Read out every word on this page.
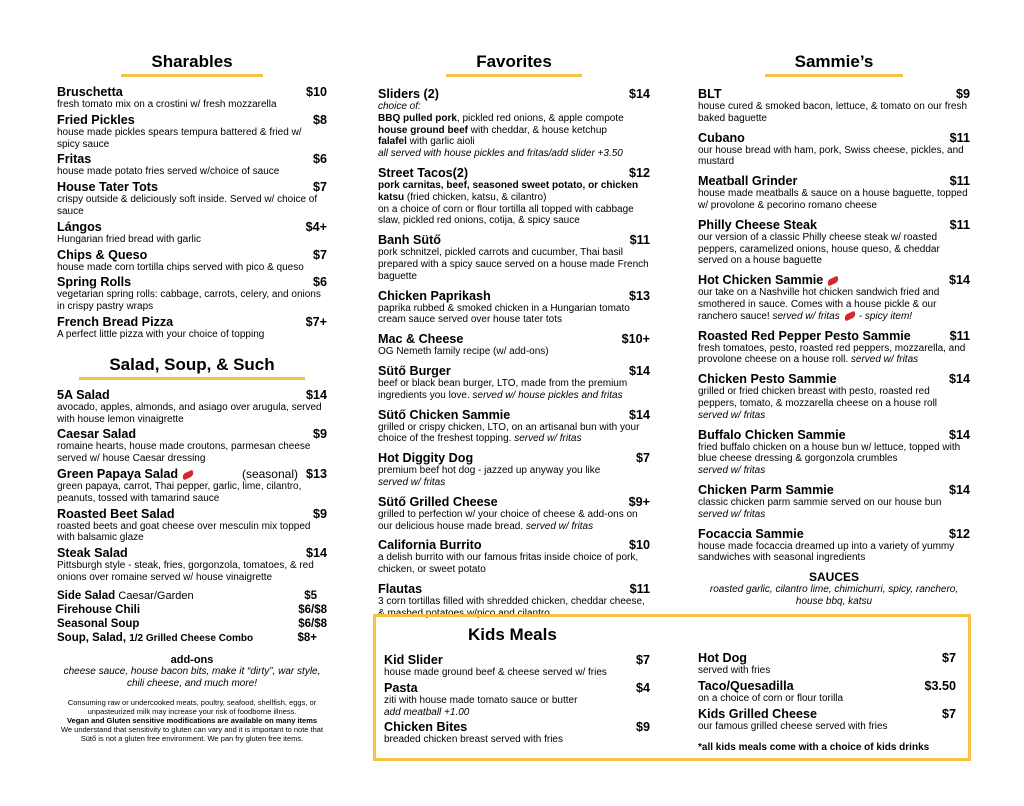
Sharables
Bruschetta	$10
fresh tomato mix on a crostini w/ fresh mozzarella
Fried Pickles	$8
house made pickles spears tempura battered & fried w/ spicy sauce
Fritas	$6
house made potato fries served w/choice of sauce
House Tater Tots	$7
crispy outside & deliciously soft inside. Served w/ choice of sauce
Lángos	$4+
Hungarian fried bread with garlic
Chips & Queso	$7
house made corn tortilla chips served with pico & queso
Spring Rolls	$6
vegetarian spring rolls: cabbage, carrots, celery, and onions in crispy pastry wraps
French Bread Pizza	$7+
A perfect little pizza with your choice of topping
Salad, Soup, & Such
5A Salad	$14
avocado, apples, almonds, and asiago over arugula, served with house lemon vinaigrette
Caesar Salad	$9
romaine hearts, house made croutons, parmesan cheese served w/ house Caesar dressing
Green Papaya Salad	(seasonal) $13
green papaya, carrot, Thai pepper, garlic, lime, cilantro, peanuts, tossed with tamarind sauce
Roasted Beet Salad	$9
roasted beets and goat cheese over mesculin mix topped with balsamic glaze
Steak Salad	$14
Pittsburgh style - steak, fries, gorgonzola, tomatoes, & red onions over romaine served w/ house vinaigrette
Side Salad Caesar/Garden	$5
Firehouse Chili	$6/$8
Seasonal Soup	$6/$8
Soup, Salad, 1/2 Grilled Cheese Combo	$8+
add-ons
cheese sauce, house bacon bits, make it “dirty”, war style, chili cheese, and much more!
Consuming raw or undercooked meats, poultry, seafood, shellfish, eggs, or unpasteurized milk may increase your risk of foodborne illness.
Vegan and Gluten sensitive modifications are available on many items
We understand that sensitivity to gluten can vary and it is important to note that Sütő is not a gluten free environment. We pan fry gluten free items.
Favorites
Sliders (2)	$14
choice of:
BBQ pulled pork, pickled red onions, & apple compote
house ground beef with cheddar, & house ketchup
falafel with garlic aioli
all served with house pickles and fritas/add slider +3.50
Street Tacos(2)	$12
pork carnitas, beef, seasoned sweet potato, or chicken katsu (fried chicken, katsu, & cilantro)
on a choice of corn or flour tortilla all topped with cabbage slaw, pickled red onions, cotija, & spicy sauce
Banh Sütő	$11
pork schnitzel, pickled carrots and cucumber, Thai basil prepared with a spicy sauce served on a house made French baguette
Chicken Paprikash	$13
paprika rubbed & smoked chicken in a Hungarian tomato cream sauce served over house tater tots
Mac & Cheese	$10+
OG Nemeth family recipe (w/ add-ons)
Sütő Burger	$14
beef or black bean burger, LTO, made from the premium ingredients you love. served w/ house pickles and fritas
Sütő Chicken Sammie	$14
grilled or crispy chicken, LTO, on an artisanal bun with your choice of the freshest topping. served w/ fritas
Hot Diggity Dog	$7
premium beef hot dog - jazzed up anyway you like
served w/ fritas
Sütő Grilled Cheese	$9+
grilled to perfection w/ your choice of cheese & add-ons on our delicious house made bread. served w/ fritas
California Burrito	$10
a delish burrito with our famous fritas inside choice of pork, chicken, or sweet potato
Flautas	$11
3 corn tortillas filled with shredded chicken, cheddar cheese, & mashed potatoes w/pico and cilantro
Sammie’s
BLT	$9
house cured & smoked bacon, lettuce, & tomato on our fresh baked baguette
Cubano	$11
our house bread with ham, pork, Swiss cheese, pickles, and mustard
Meatball Grinder	$11
house made meatballs & sauce on a house baguette, topped w/ provolone & pecorino romano cheese
Philly Cheese Steak	$11
our version of a classic Philly cheese steak w/ roasted peppers, caramelized onions, house queso, & cheddar served on a house baguette
Hot Chicken Sammie	$14
our take on a Nashville hot chicken sandwich fried and smothered in sauce. Comes with a house pickle & our ranchero sauce! served w/ fritas - spicy item!
Roasted Red Pepper Pesto Sammie	$11
fresh tomatoes, pesto, roasted red peppers, mozzarella, and provolone cheese on a house roll. served w/ fritas
Chicken Pesto Sammie	$14
grilled or fried chicken breast with pesto, roasted red peppers, tomato, & mozzarella cheese on a house roll
served w/ fritas
Buffalo Chicken Sammie	$14
fried buffalo chicken on a house bun w/ lettuce, topped with blue cheese dressing & gorgonzola crumbles
served w/ fritas
Chicken Parm Sammie	$14
classic chicken parm sammie served on our house bun
served w/ fritas
Focaccia Sammie	$12
house made focaccia dreamed up into a variety of yummy sandwiches with seasonal ingredients
SAUCES
roasted garlic, cilantro lime, chimichurri, spicy, ranchero, house bbq, katsu
Kids Meals
Kid Slider	$7
house made ground beef & cheese served w/ fries
Pasta	$4
ziti with house made tomato sauce or butter
add meatball +1.00
Chicken Bites	$9
breaded chicken breast served with fries
Hot Dog	$7
served with fries
Taco/Quesadilla	$3.50
on a choice of corn or flour torilla
Kids Grilled Cheese	$7
our famous grilled cheese served with fries
*all kids meals come with a choice of kids drinks
